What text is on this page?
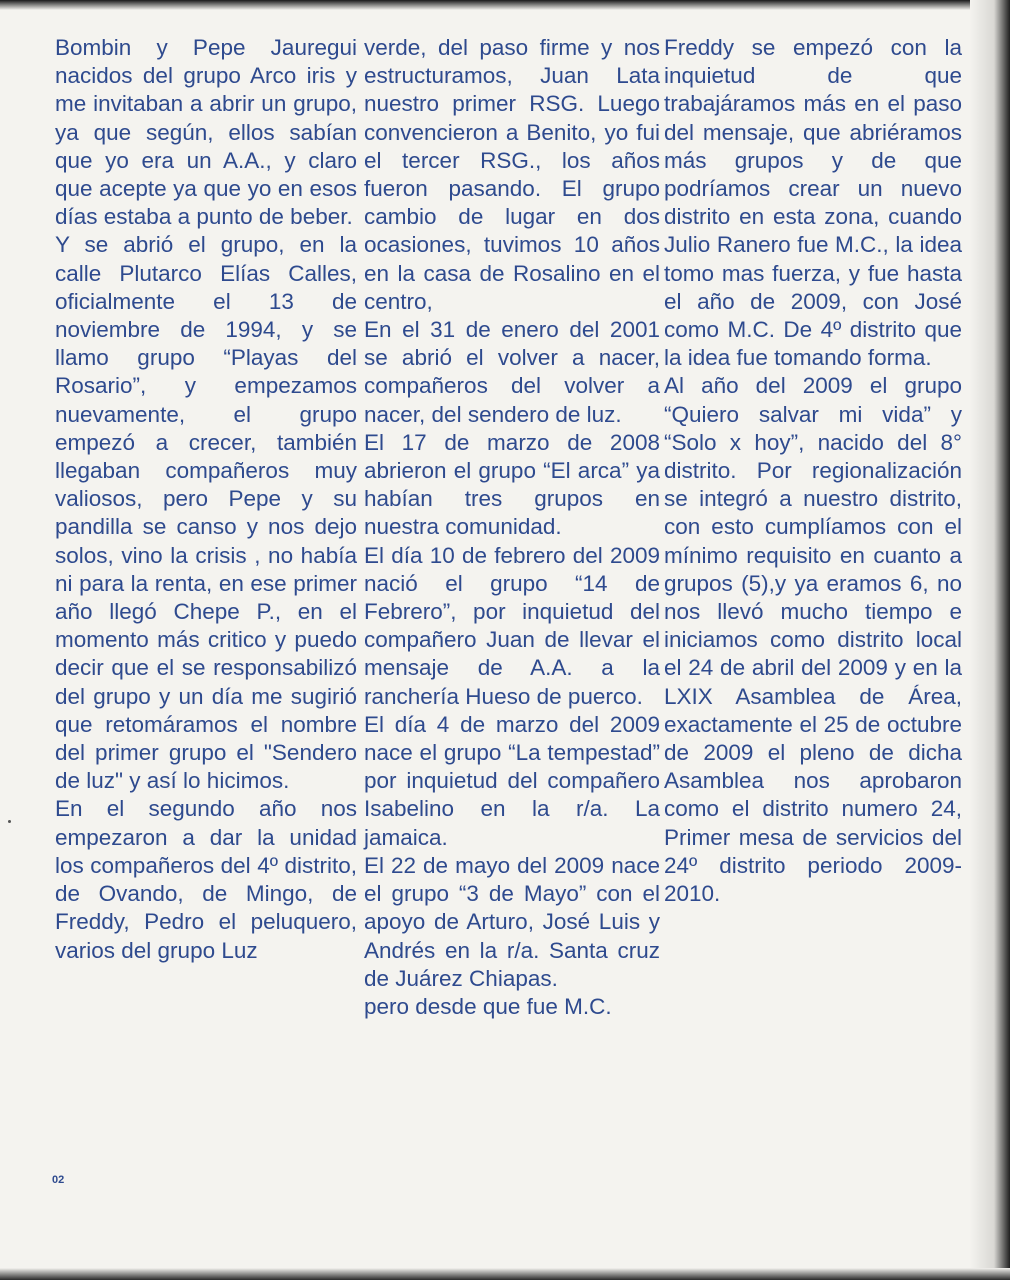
Bombin y Pepe Jauregui nacidos del grupo Arco iris y me invitaban a abrir un grupo, ya que según, ellos sabían que yo era un A.A., y claro que acepte ya que yo en esos días estaba a punto de beber.

Y se abrió el grupo, en la calle Plutarco Elías Calles, oficialmente el 13 de noviembre de 1994, y se llamo grupo “Playas del Rosario”, y empezamos nuevamente, el grupo empezó a crecer, también llegaban compañeros muy valiosos, pero Pepe y su pandilla se canso y nos dejo solos, vino la crisis , no había ni para la renta, en ese primer año llegó Chepe P., en el momento más critico y puedo decir que el se responsabilizó del grupo y un día me sugirió que retomáramos el nombre del primer grupo el "Sendero de luz" y así lo hicimos.

En el segundo año nos empezaron a dar la unidad los compañeros del 4º distrito, de Ovando, de Mingo, de Freddy, Pedro el peluquero, varios del grupo Luz

verde, del paso firme y nos estructuramos, Juan Lata nuestro primer RSG. Luego convencieron a Benito, yo fui el tercer RSG., los años fueron pasando. El grupo cambio de lugar en dos ocasiones, tuvimos 10 años en la casa de Rosalino en el centro,

En el 31 de enero del 2001 se abrió el volver a nacer, compañeros del volver a nacer, del sendero de luz.

El 17 de marzo de 2008 abrieron el grupo “El arca” ya habían tres grupos en nuestra comunidad.

El día 10 de febrero del 2009 nació el grupo “14 de Febrero”, por inquietud del compañero Juan de llevar el mensaje de A.A. a la ranchería Hueso de puerco.

El día 4 de marzo del 2009 nace el grupo “La tempestad” por inquietud del compañero Isabelino en la r/a. La jamaica.

El 22 de mayo del 2009 nace el grupo “3 de Mayo” con el apoyo de Arturo, José Luis y Andrés en la r/a. Santa cruz de Juárez Chiapas.

pero desde que fue M.C.

Freddy se empezó con la inquietud de que trabajáramos más en el paso del mensaje, que abriéramos más grupos y de que podríamos crear un nuevo distrito en esta zona, cuando Julio Ranero fue M.C., la idea tomo mas fuerza, y fue hasta el año de 2009, con José como M.C. De 4º distrito que la idea fue tomando forma.

Al año del 2009 el grupo “Quiero salvar mi vida” y “Solo x hoy”, nacido del 8° distrito. Por regionalización se integró a nuestro distrito, con esto cumplíamos con el mínimo requisito en cuanto a grupos (5),y ya eramos 6, no nos llevó mucho tiempo e iniciamos como distrito local el 24 de abril del 2009 y en la LXIX Asamblea de Área, exactamente el 25 de octubre de 2009 el pleno de dicha Asamblea nos aprobaron como el distrito numero 24, Primer mesa de servicios del 24º distrito periodo 2009-2010.

02
